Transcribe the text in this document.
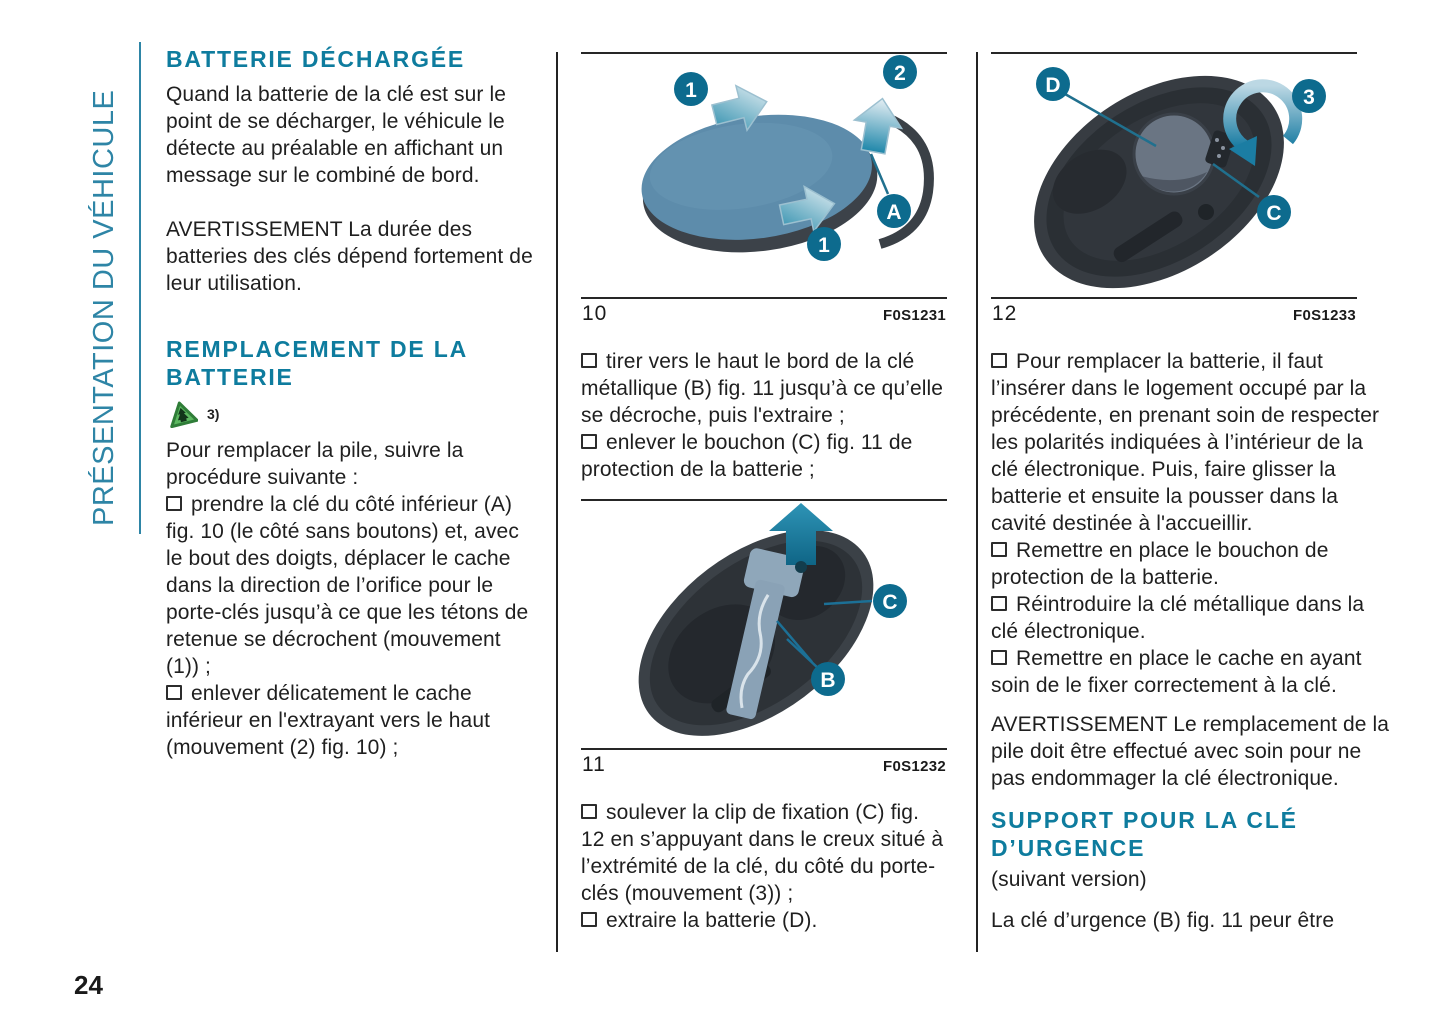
PRÉSENTATION DU VÉHICULE
24
BATTERIE DÉCHARGÉE

Quand la batterie de la clé est sur le point de se décharger, le véhicule le détecte au préalable en affichant un message sur le combiné de bord.

AVERTISSEMENT La durée des batteries des clés dépend fortement de leur utilisation.

REMPLACEMENT DE LA BATTERIE
3)

Pour remplacer la pile, suivre la procédure suivante :

prendre la clé du côté inférieur (A) fig. 10 (le côté sans boutons) et, avec le bout des doigts, déplacer le cache dans la direction de l’orifice pour le porte-clés jusqu’à ce que les tétons de retenue se décrochent (mouvement (1)) ;

enlever délicatement le cache inférieur en l'extrayant vers le haut (mouvement (2) fig. 10) ;

1
2
1
A
10	F0S1231

tirer vers le haut le bord de la clé métallique (B) fig. 11 jusqu’à ce qu’elle se décroche, puis l'extraire ;

enlever le bouchon (C) fig. 11 de protection de la batterie ;

C
B
11	F0S1232

soulever la clip de fixation (C) fig. 12 en s’appuyant dans le creux situé à l’extrémité de la clé, du côté du porte-clés (mouvement (3)) ;

extraire la batterie (D).

D
3
C
12	F0S1233

Pour remplacer la batterie, il faut l’insérer dans le logement occupé par la précédente, en prenant soin de respecter les polarités indiquées à l’intérieur de la clé électronique. Puis, faire glisser la batterie et ensuite la pousser dans la cavité destinée à l'accueillir.

Remettre en place le bouchon de protection de la batterie.

Réintroduire la clé métallique dans la clé électronique.

Remettre en place le cache en ayant soin de le fixer correctement à la clé.

AVERTISSEMENT Le remplacement de la pile doit être effectué avec soin pour ne pas endommager la clé électronique.

SUPPORT POUR LA CLÉ D’URGENCE

(suivant version)

La clé d’urgence (B) fig. 11 peur être
